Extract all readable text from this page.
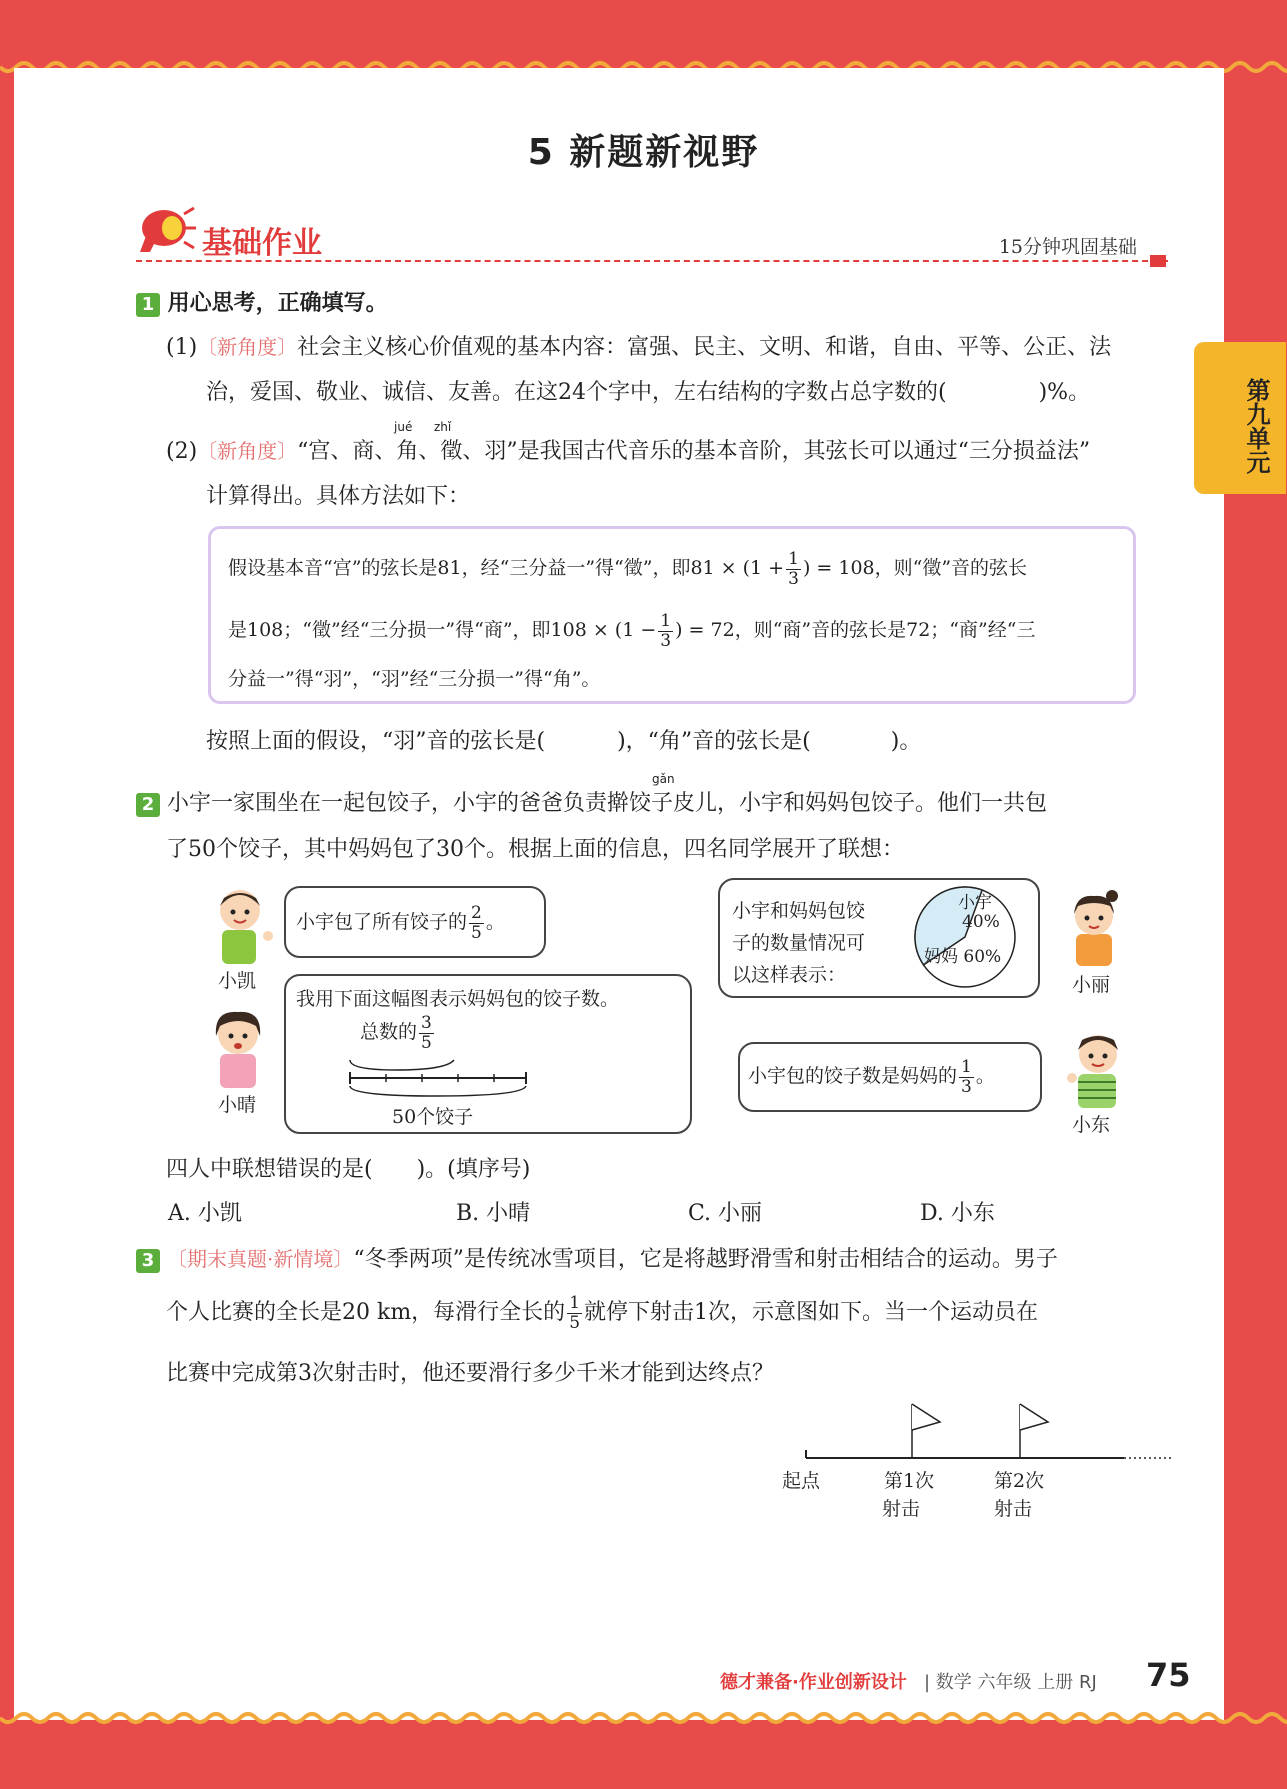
5 新题新视野
基础作业	15分钟巩固基础
第九单元
1 用心思考，正确填写。
(1)〔新角度〕社会主义核心价值观的基本内容：富强、民主、文明、和谐，自由、平等、公正、法
治，爱国、敬业、诚信、友善。在这24个字中，左右结构的字数占总字数的(	)%。
jué zhǐ
(2)〔新角度〕“宫、商、角、徵、羽”是我国古代音乐的基本音阶，其弦长可以通过“三分损益法”
计算得出。具体方法如下：
假设基本音“宫”的弦长是81，经“三分益一”得“徵”，即$81 \times (1 + \frac{1}{3}$ ) = 108，则“徵”音的弦长
是108；“徵”经“三分损一”得“商”，即$108 \times (1 - \frac{1}{3}$ ) = 72，则“商”音的弦长是72；“商”经“三
分益一”得“羽”，“羽”经“三分损一”得“角”。
按照上面的假设，“羽”音的弦长是(	)，“角”音的弦长是(	)。
gǎn
2 小宇一家围坐在一起包饺子，小宇的爸爸负责擀饺子皮儿，小宇和妈妈包饺子。他们一共包
了50个饺子，其中妈妈包了30个。根据上面的信息，四名同学展开了联想：
小凯
小宇包了所有饺子的 $\frac{2}{5}$ 。
小晴
我用下面这幅图表示妈妈包的饺子数。
总数的 $\frac{3}{5}$
50个饺子
小宇和妈妈包饺
子的数量情况可
以这样表示：
小宇
40%
妈妈 60%
小丽
小宇包的饺子数是妈妈的 $\frac{1}{3}$ 。
小东
四人中联想错误的是( )。(填序号)
A. 小凯	B. 小晴	C. 小丽	D. 小东
3 〔期末真题·新情境〕“冬季两项”是传统冰雪项目，它是将越野滑雪和射击相结合的运动。男子
个人比赛的全长是20 km，每滑行全长的 $\frac{1}{5}$ 就停下射击1次，示意图如下。当一个运动员在
比赛中完成第3次射击时，他还要滑行多少千米才能到达终点？
起点	第1次
射击
第2次
射击
德才兼备·作业创新设计 | 数学 六年级 上册 RJ 75
